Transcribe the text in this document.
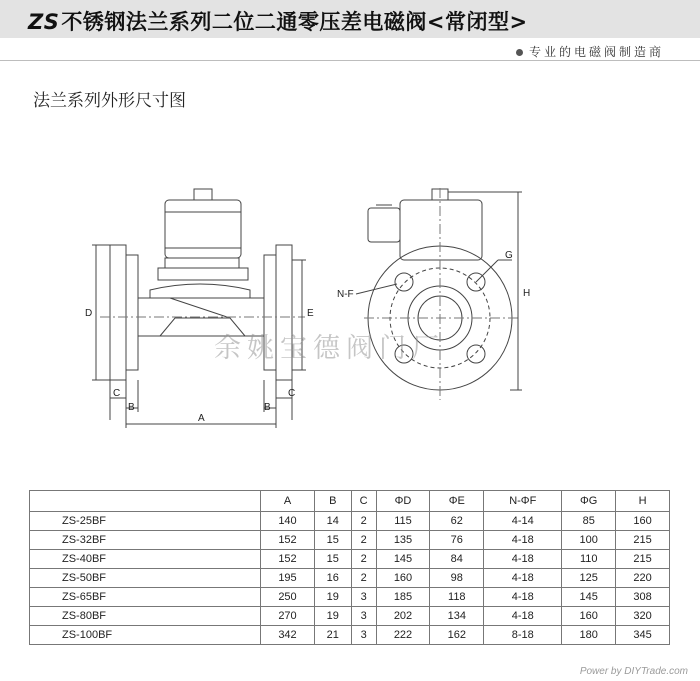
ZS不锈钢法兰系列二位二通零压差电磁阀<常闭型>
专业的电磁阀制造商
法兰系列外形尺寸图
D	E
C
B	B
C
A
N-F
G
H
余姚宝德阀门厂
	A	B	C	ΦD	ΦE	N-ΦF	ΦG	H
ZS-25BF	140	14	2	115	62	4-14	85	160
ZS-32BF	152	15	2	135	76	4-18	100	215
ZS-40BF	152	15	2	145	84	4-18	110	215
ZS-50BF	195	16	2	160	98	4-18	125	220
ZS-65BF	250	19	3	185	118	4-18	145	308
ZS-80BF	270	19	3	202	134	4-18	160	320
ZS-100BF	342	21	3	222	162	8-18	180	345
Power by DIYTrade.com
